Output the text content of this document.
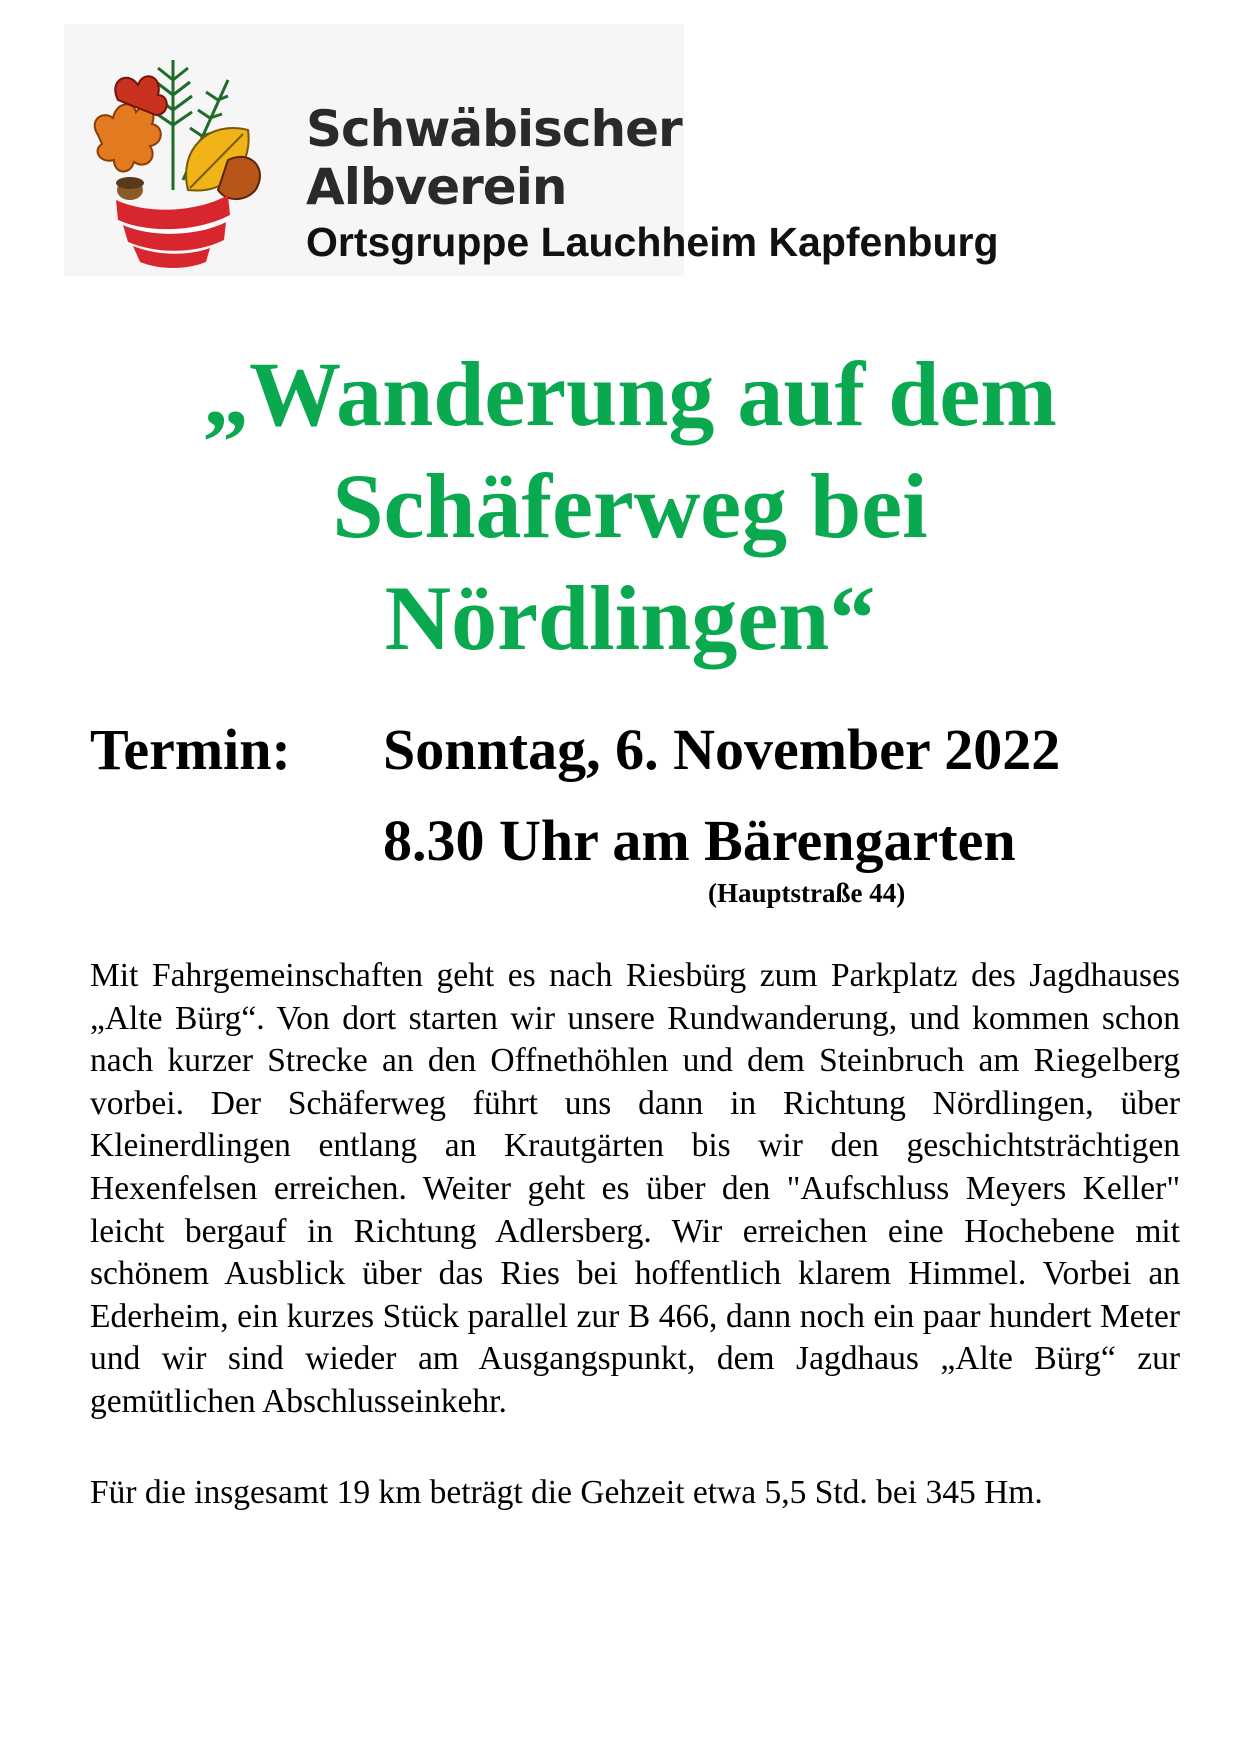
Schwäbischer
Albverein
Ortsgruppe Lauchheim Kapfenburg
„Wanderung auf dem
Schäferweg bei
Nördlingen“
Termin: Sonntag, 6. November 2022
8.30 Uhr am Bärengarten
(Hauptstraße 44)

Mit Fahrgemeinschaften geht es nach Riesbürg zum Parkplatz des Jagdhauses „Alte Bürg“. Von dort starten wir unsere Rundwanderung, und kommen schon nach kurzer Strecke an den Offnethöhlen und dem Steinbruch am Riegelberg vorbei. Der Schäferweg führt uns dann in Richtung Nördlingen, über Kleinerdlingen entlang an Krautgärten bis wir den geschichtsträchtigen Hexenfelsen erreichen. Weiter geht es über den "Aufschluss Meyers Keller" leicht bergauf in Richtung Adlersberg. Wir erreichen eine Hochebene mit schönem Ausblick über das Ries bei hoffentlich klarem Himmel. Vorbei an Ederheim, ein kurzes Stück parallel zur B 466, dann noch ein paar hundert Meter und wir sind wieder am Ausgangspunkt, dem Jagdhaus „Alte Bürg“ zur gemütlichen Abschlusseinkehr.

Für die insgesamt 19 km beträgt die Gehzeit etwa 5,5 Std. bei 345 Hm.
